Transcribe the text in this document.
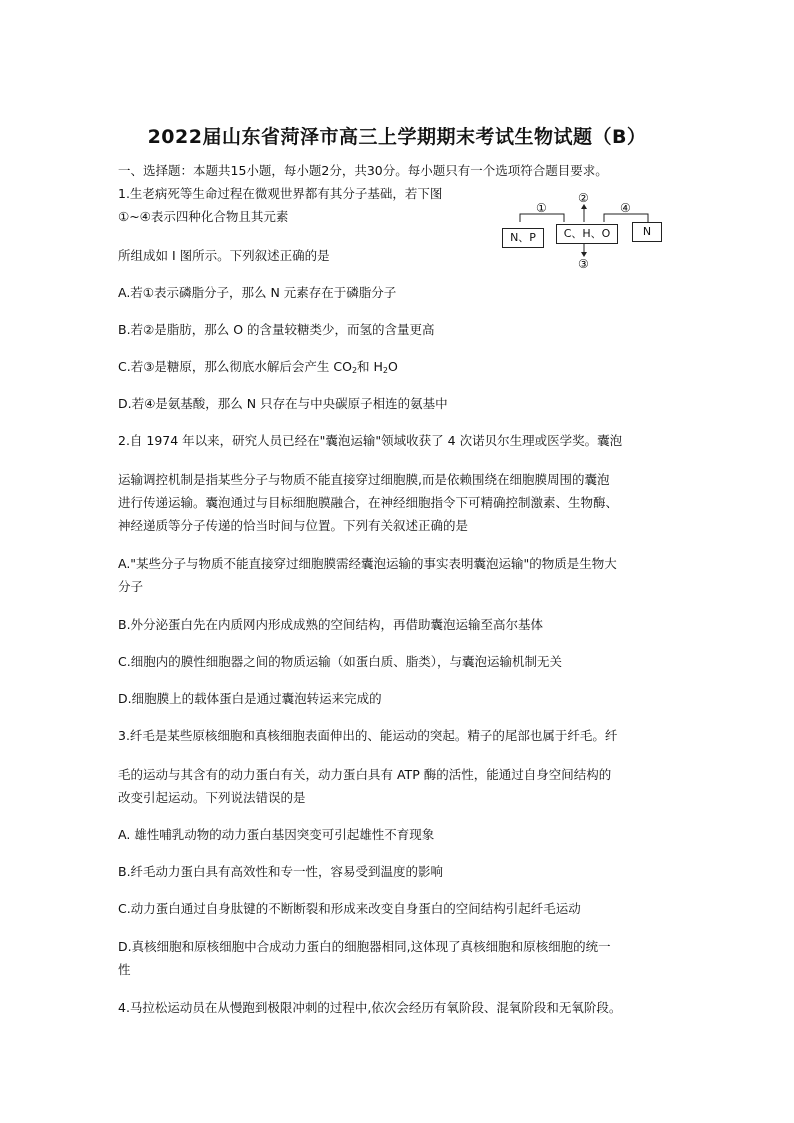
2022届山东省菏泽市高三上学期期末考试生物试题（B）
一、选择题：本题共15小题，每小题2分，共30分。每小题只有一个选项符合题目要求。
1.生老病死等生命过程在微观世界都有其分子基础，若下图
①~④表示四种化合物且其元素
所组成如 I 图所示。下列叙述正确的是
N、P	C、H、O	N
①
②
③
④
A.若①表示磷脂分子，那么 N 元素存在于磷脂分子
B.若②是脂肪，那么 O 的含量较糖类少，而氢的含量更高
C.若③是糖原，那么彻底水解后会产生 $CO_2$和 $H_2O$
D.若④是氨基酸，那么 N 只存在与中央碳原子相连的氨基中
2.自 1974 年以来，研究人员已经在"囊泡运输"领域收获了 4 次诺贝尔生理或医学奖。囊泡
运输调控机制是指某些分子与物质不能直接穿过细胞膜,而是依赖围绕在细胞膜周围的囊泡
进行传递运输。囊泡通过与目标细胞膜融合，在神经细胞指令下可精确控制激素、生物酶、
神经递质等分子传递的恰当时间与位置。下列有关叙述正确的是
A."某些分子与物质不能直接穿过细胞膜需经囊泡运输的事实表明囊泡运输"的物质是生物大
分子
B.外分泌蛋白先在内质网内形成成熟的空间结构，再借助囊泡运输至高尔基体
C.细胞内的膜性细胞器之间的物质运输（如蛋白质、脂类），与囊泡运输机制无关
D.细胞膜上的载体蛋白是通过囊泡转运来完成的
3.纤毛是某些原核细胞和真核细胞表面伸出的、能运动的突起。精子的尾部也属于纤毛。纤
毛的运动与其含有的动力蛋白有关，动力蛋白具有 ATP 酶的活性，能通过自身空间结构的
改变引起运动。下列说法错误的是
A. 雄性哺乳动物的动力蛋白基因突变可引起雄性不育现象
B.纤毛动力蛋白具有高效性和专一性，容易受到温度的影响
C.动力蛋白通过自身肽键的不断断裂和形成来改变自身蛋白的空间结构引起纤毛运动
D.真核细胞和原核细胞中合成动力蛋白的细胞器相同,这体现了真核细胞和原核细胞的统一
性
4.马拉松运动员在从慢跑到极限冲刺的过程中,依次会经历有氧阶段、混氧阶段和无氧阶段。
